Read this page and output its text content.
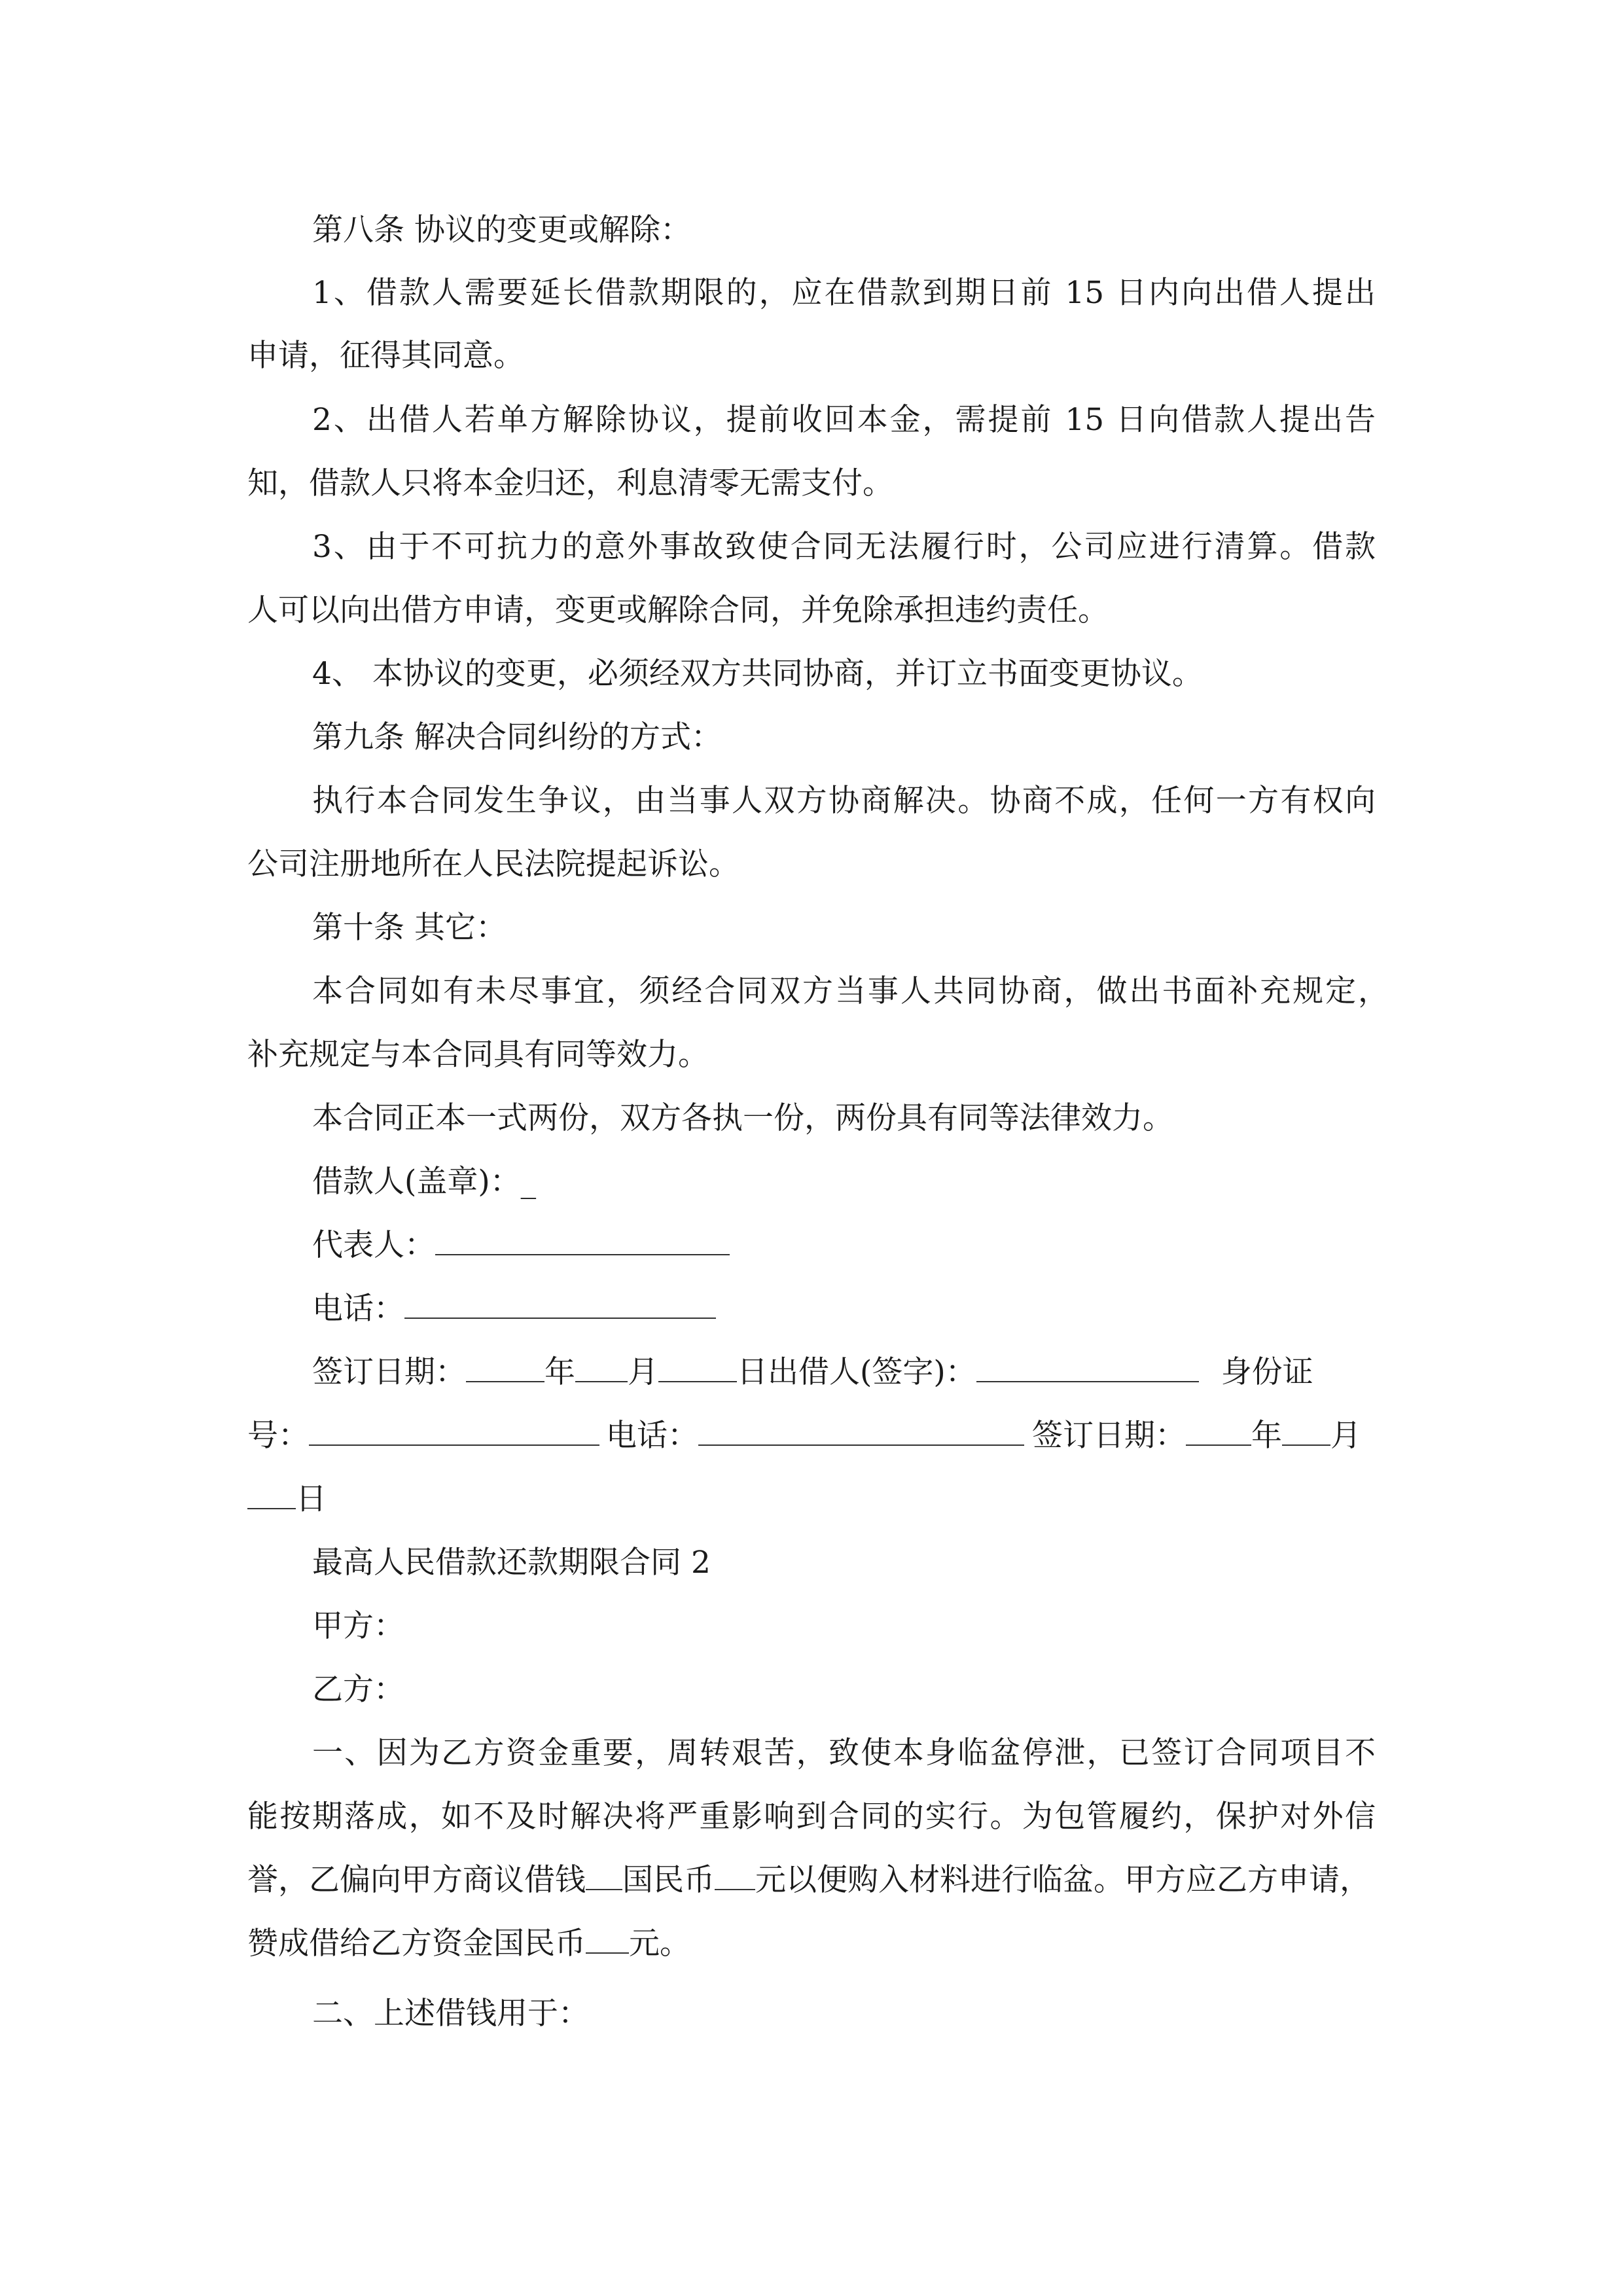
第八条 协议的变更或解除：
1、借款人需要延长借款期限的，应在借款到期日前 15 日内向出借人提出
申请，征得其同意。
2、出借人若单方解除协议，提前收回本金，需提前 15 日向借款人提出告
知，借款人只将本金归还，利息清零无需支付。
3、由于不可抗力的意外事故致使合同无法履行时，公司应进行清算。借款
人可以向出借方申请，变更或解除合同，并免除承担违约责任。
4、 本协议的变更，必须经双方共同协商，并订立书面变更协议。
第九条 解决合同纠纷的方式：
执行本合同发生争议，由当事人双方协商解决。协商不成，任何一方有权向
公司注册地所在人民法院提起诉讼。
第十条 其它：
本合同如有未尽事宜，须经合同双方当事人共同协商，做出书面补充规定，
补充规定与本合同具有同等效力。
本合同正本一式两份，双方各执一份，两份具有同等法律效力。
借款人(盖章)：_
代表人：
电话：
签订日期：	年 月	日出借人(签字)：	身份证
号：	电话：	签订日期： 年 月
日
最高人民借款还款期限合同 2
甲方：
乙方：
一、因为乙方资金重要，周转艰苦，致使本身临盆停泄，已签订合同项目不
能按期落成，如不及时解决将严重影响到合同的实行。为包管履约，保护对外信
誉，乙偏向甲方商议借钱 国民币 元以便购入材料进行临盆。甲方应乙方申请，
赞成借给乙方资金国民币 元。
二、上述借钱用于：
